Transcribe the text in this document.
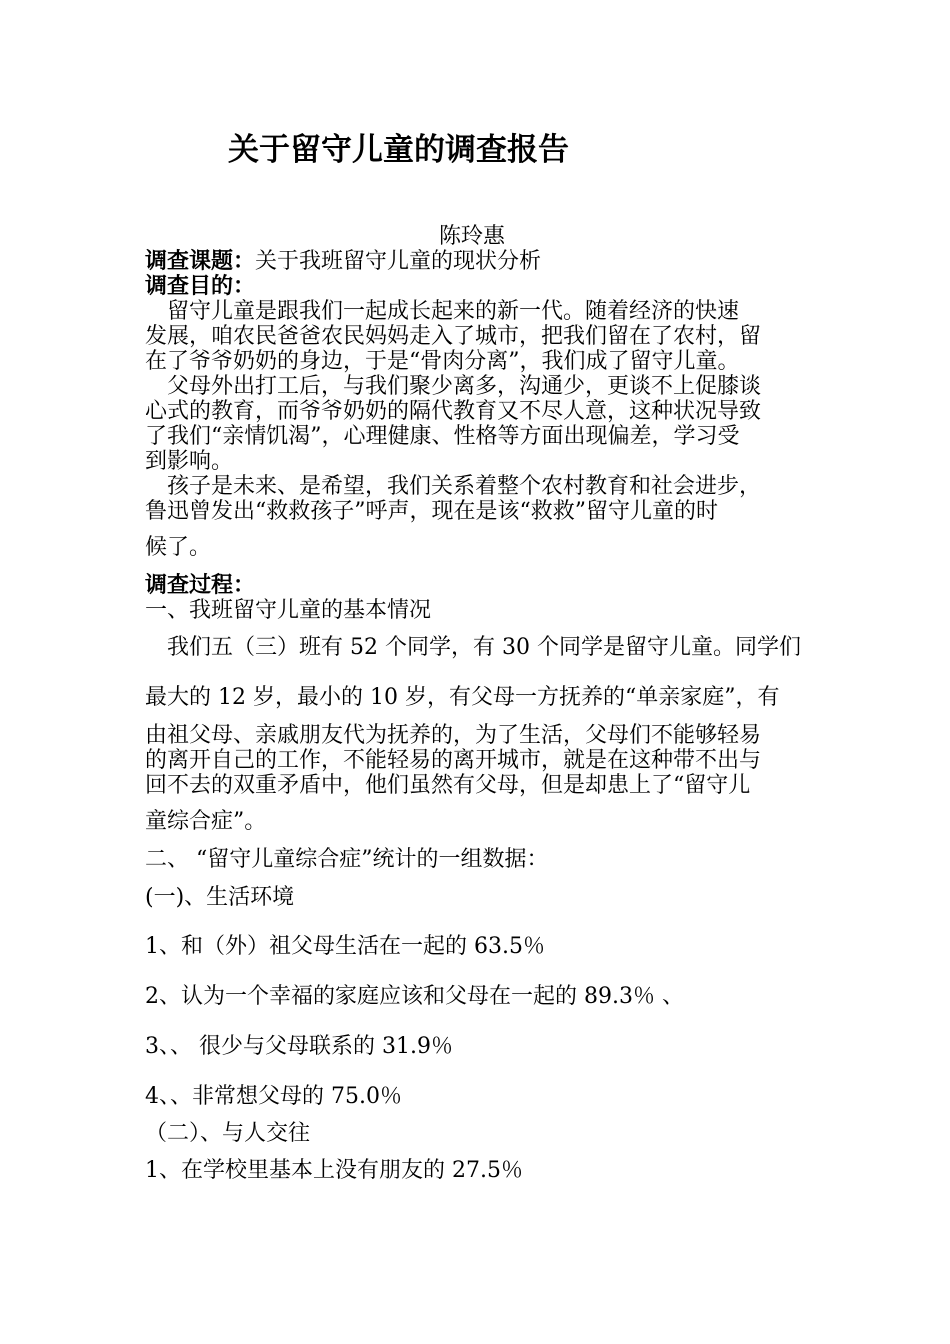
关于留守儿童的调查报告
陈玲惠
调查课题：关于我班留守儿童的现状分析
调查目的：
　留守儿童是跟我们一起成长起来的新一代。随着经济的快速
发展，咱农民爸爸农民妈妈走入了城市，把我们留在了农村，留
在了爷爷奶奶的身边，于是“骨肉分离”，我们成了留守儿童。
　父母外出打工后，与我们聚少离多，沟通少，更谈不上促膝谈
心式的教育，而爷爷奶奶的隔代教育又不尽人意，这种状况导致
了我们“亲情饥渴”，心理健康、性格等方面出现偏差，学习受
到影响。
　孩子是未来、是希望，我们关系着整个农村教育和社会进步，
鲁迅曾发出“救救孩子”呼声，现在是该“救救”留守儿童的时
候了。
调查过程：
一、我班留守儿童的基本情况
　我们五（三）班有 52 个同学，有 30 个同学是留守儿童。同学们
最大的 12 岁，最小的 10 岁，有父母一方抚养的“单亲家庭”，有
由祖父母、亲戚朋友代为抚养的，为了生活，父母们不能够轻易
的离开自己的工作，不能轻易的离开城市，就是在这种带不出与
回不去的双重矛盾中，他们虽然有父母，但是却患上了“留守儿
童综合症”。
二、 “留守儿童综合症”统计的一组数据：
(一)、生活环境
1、和（外）祖父母生活在一起的 63.5％
2、认为一个幸福的家庭应该和父母在一起的 89.3％ 、
3、、 很少与父母联系的 31.9％
4、、非常想父母的 75.0％
（二）、与人交往
1、在学校里基本上没有朋友的 27.5％
